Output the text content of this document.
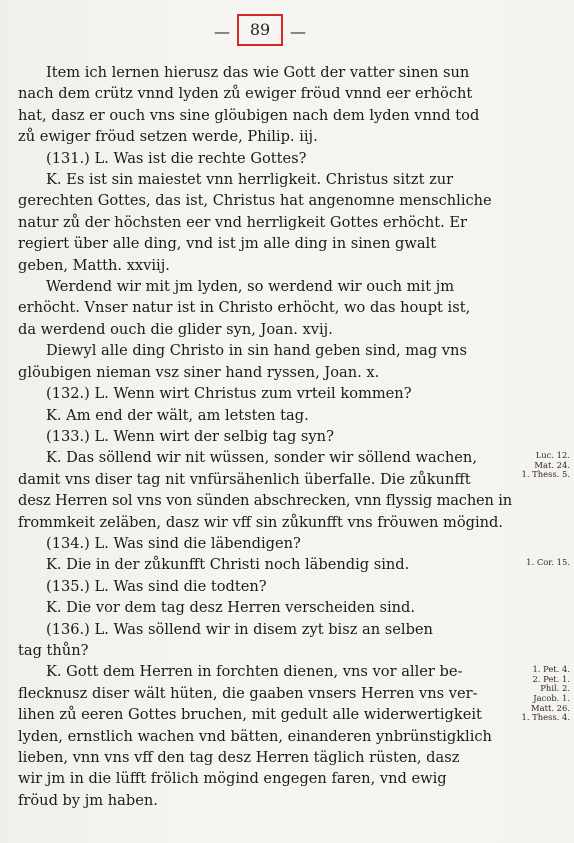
—	89	—
Item ich lernen hierusz das wie Gott der vatter sinen sun
nach dem crütz vnnd lyden zů ewiger fröud vnnd eer erhöcht
hat, dasz er ouch vns sine glöubigen nach dem lyden vnnd tod
zů ewiger fröud setzen werde, Philip. iij.
(131.) L. Was ist die rechte Gottes?
K. Es ist sin maiestet vnn herrligkeit. Christus sitzt zur
gerechten Gottes, das ist, Christus hat angenomne menschliche
natur zů der höchsten eer vnd herrligkeit Gottes erhöcht. Er
regiert über alle ding, vnd ist jm alle ding in sinen gwalt
geben, Matth. xxviij.
Werdend wir mit jm lyden, so werdend wir ouch mit jm
erhöcht. Vnser natur ist in Christo erhöcht, wo das houpt ist,
da werdend ouch die glider syn, Joan. xvij.
Diewyl alle ding Christo in sin hand geben sind, mag vns
glöubigen nieman vsz siner hand ryssen, Joan. x.
(132.) L. Wenn wirt Christus zum vrteil kommen?
K. Am end der wält, am letsten tag.
(133.) L. Wenn wirt der selbig tag syn?
K. Das söllend wir nit wüssen, sonder wir söllend wachen,
damit vns diser tag nit vnfürsähenlich überfalle. Die zůkunfft
desz Herren sol vns von sünden abschrecken, vnn flyssig machen in
frommkeit zeläben, dasz wir vff sin zůkunfft vns fröuwen mögind.
(134.) L. Was sind die läbendigen?
K. Die in der zůkunfft Christi noch läbendig sind.
(135.) L. Was sind die todten?
K. Die vor dem tag desz Herren verscheiden sind.
(136.) L. Was söllend wir in disem zyt bisz an selben
tag thůn?
K. Gott dem Herren in forchten dienen, vns vor aller be-
flecknusz diser wält hüten, die gaaben vnsers Herren vns ver-
lihen zů eeren Gottes bruchen, mit gedult alle widerwertigkeit
lyden, ernstlich wachen vnd bätten, einanderen ynbrünstigklich
lieben, vnn vns vff den tag desz Herren täglich rüsten, dasz
wir jm in die lüfft frölich mögind engegen faren, vnd ewig
fröud by jm haben.
Luc. 12.
Mat. 24.
1. Thess. 5.
1. Cor. 15.
1. Pet. 4.
2. Pet. 1.
Phil. 2.
Jacob. 1.
Matt. 26.
1. Thess. 4.
